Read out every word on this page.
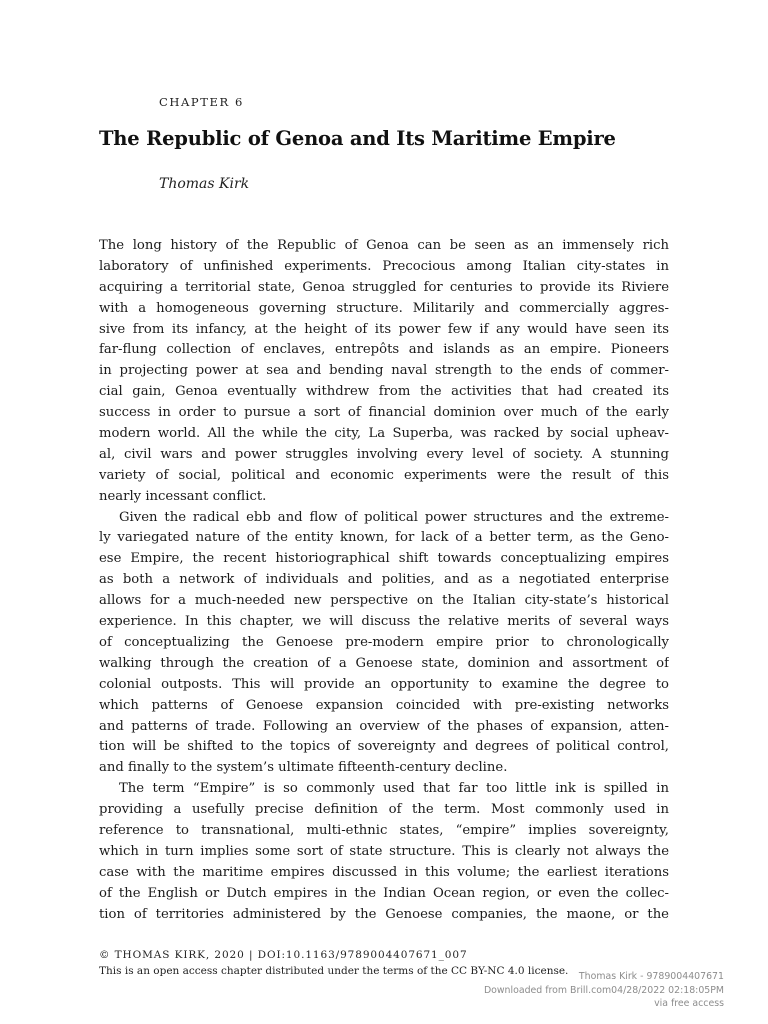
CHAPTER 6
The Republic of Genoa and Its Maritime Empire
Thomas Kirk
The long history of the Republic of Genoa can be seen as an immensely rich
laboratory of unfinished experiments. Precocious among Italian city-states in
acquiring a territorial state, Genoa struggled for centuries to provide its Riviere
with a homogeneous governing structure. Militarily and commercially aggres-
sive from its infancy, at the height of its power few if any would have seen its
far-flung collection of enclaves, entrepôts and islands as an empire. Pioneers
in projecting power at sea and bending naval strength to the ends of commer-
cial gain, Genoa eventually withdrew from the activities that had created its
success in order to pursue a sort of financial dominion over much of the early
modern world. All the while the city, La Superba, was racked by social upheav-
al, civil wars and power struggles involving every level of society. A stunning
variety of social, political and economic experiments were the result of this
nearly incessant conflict.
Given the radical ebb and flow of political power structures and the extreme-
ly variegated nature of the entity known, for lack of a better term, as the Geno-
ese Empire, the recent historiographical shift towards conceptualizing empires
as both a network of individuals and polities, and as a negotiated enterprise
allows for a much-needed new perspective on the Italian city-state’s historical
experience. In this chapter, we will discuss the relative merits of several ways
of conceptualizing the Genoese pre-modern empire prior to chronologically
walking through the creation of a Genoese state, dominion and assortment of
colonial outposts. This will provide an opportunity to examine the degree to
which patterns of Genoese expansion coincided with pre-existing networks
and patterns of trade. Following an overview of the phases of expansion, atten-
tion will be shifted to the topics of sovereignty and degrees of political control,
and finally to the system’s ultimate fifteenth-century decline.
The term “Empire” is so commonly used that far too little ink is spilled in
providing a usefully precise definition of the term. Most commonly used in
reference to transnational, multi-ethnic states, “empire” implies sovereignty,
which in turn implies some sort of state structure. This is clearly not always the
case with the maritime empires discussed in this volume; the earliest iterations
of the English or Dutch empires in the Indian Ocean region, or even the collec-
tion of territories administered by the Genoese companies, the maone, or the
© THOMAS KIRK, 2020 | DOI:10.1163/9789004407671_007
This is an open access chapter distributed under the terms of the CC BY-NC 4.0 license.	Thomas Kirk - 9789004407671
Downloaded from Brill.com04/28/2022 02:18:05PM
via free access
